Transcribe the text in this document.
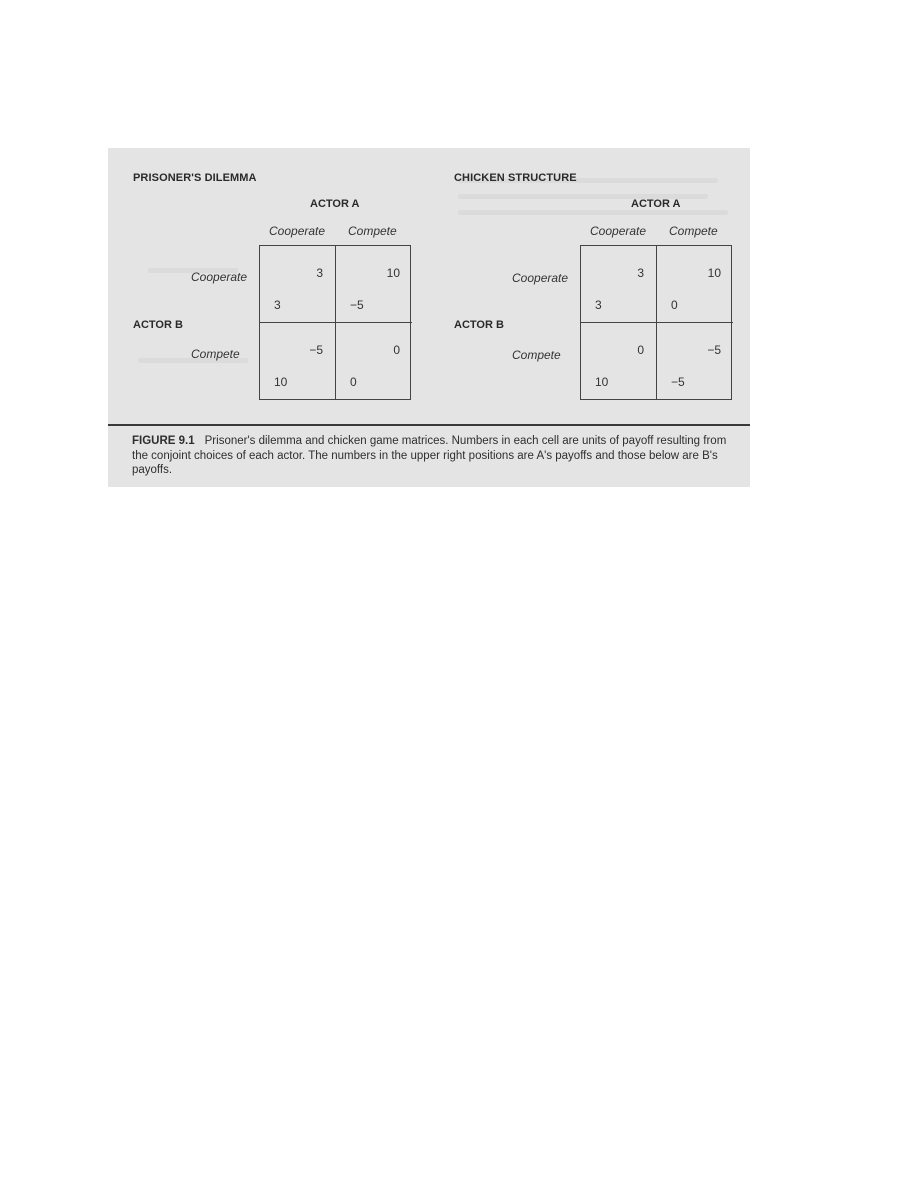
PRISONER'S DILEMMA
ACTOR A
Cooperate Compete
Cooperate
ACTOR B
Compete
3
3
10
−5
−5
10
0
0
CHICKEN STRUCTURE
ACTOR A
Cooperate Compete
Cooperate
ACTOR B
Compete
3
3
10
0
0
10
−5
−5
FIGURE 9.1 Prisoner's dilemma and chicken game matrices. Numbers in each cell are units of payoff resulting from the conjoint choices of each actor. The numbers in the upper right positions are A's payoffs and those below are B's payoffs.
